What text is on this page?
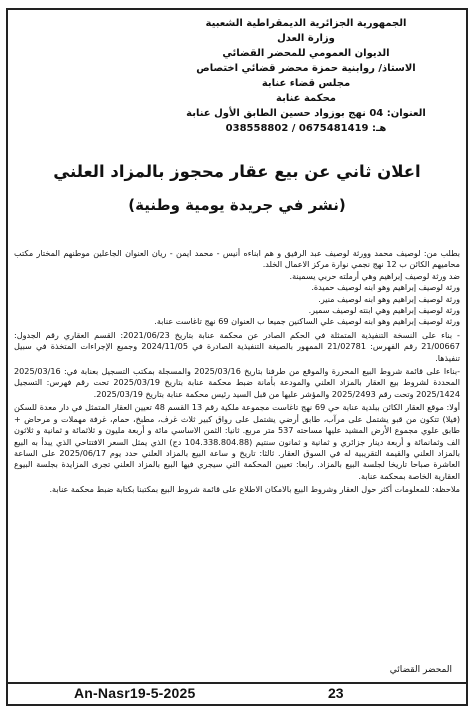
الجمهورية الجزائرية الديمقراطية الشعبية
وزارة العدل
الديوان العمومي للمحضر القضائي
الاستاذ/ روابنية حمزة محضر قضائي اختصاص
مجلس قضاء عنابة
محكمة عنابة
العنوان: 04 نهج بوزواد حسين الطابق الأول عنابة
هـ: 0675481419 / 038558802
اعلان ثاني عن بيع عقار محجوز بالمزاد العلني
(نشر في جريدة يومية وطنية)

بطلب من: لوصيف محمد وورثة لوصيف عبد الرفيق و هم ابناءه أنيس - محمد ايمن - ريان العنوان الجاعلين موطنهم المختار مكتب محاميهم الكائن ب 12 نهج نجمي نوارة مركز الاعمال الخلد.

ضد ورثة لوصيف إبراهيم وهي أرملته حربي يسمينة.

ورثة لوصيف إبراهيم وهو ابنه لوصيف حميدة.

ورثة لوصيف إبراهيم وهو ابنه لوصيف منير.

ورثة لوصيف إبراهيم وهي ابنته لوصيف سمير.

ورثة لوصيف إبراهيم وهو ابنه لوصيف علي الساكنين جميعا ب العنوان 69 نهج تاغاست عنابة.

- بناء على النسخة التنفيذية المتمثلة في الحكم الصادر عن محكمة عنابة بتاريخ 2021/06/23: القسم العقاري رقم الجدول: 21/00667 رقم الفهرس: 21/02781 الممهور بالصيغة التنفيذية الصادرة في 2024/11/05 وجميع الإجراءات المتخذة في سبيل تنفيذها.

-بناءا على قائمة شروط البيع المحررة والموقع من طرفنا بتاريخ 2025/03/16 والمسجلة بمكتب التسجيل بعنابة في: 2025/03/16 المحددة لشروط بيع العقار بالمزاد العلني والمودعة بأمانة ضبط محكمة عنابة بتاريخ 2025/03/19 تحت رقم فهرس: التسجيل 2025/1424 وتحت رقم 2025/2493 والمؤشر عليها من قبل السيد رئيس محكمة عنابة بتاريخ 2025/03/19.

أولا: موقع العقار الكائن ببلدية عنابة حي 69 نهج تاغاست مجموعة ملكية رقم 13 القسم 48 تعيين العقار المتمثل في دار معدة للسكن (فيلا) تتكون من قبو يشتمل على مرآب، طابق أرضي يشتمل على رواق كبير ثلاث غرف، مطبخ، حمام، غرفة مهملات و مرحاض + طابق علوي مجموع الأرض المشيد عليها مساحته 537 متر مربع. ثانيا: الثمن الاساسي مائة و أربعة مليون و ثلاثمائة و ثمانية و ثلاثون الف وثمانمائة و أربعة دينار جزائري و ثمانية و ثمانون سنتيم (104.338.804.88 دج) الذي يمثل السعر الافتتاحي الذي يبدأ به البيع بالمزاد العلني والقيمة التقريبية له في السوق العقار. ثالثا: تاريخ و ساعة البيع بالمزاد العلني حدد يوم 2025/06/17 على الساعة العاشرة صباحا تاريخا لجلسة البيع بالمزاد. رابعا: تعيين المحكمة التي سيجري فيها البيع بالمزاد العلني تجرى المزايدة بجلسة البيوع العقارية الخاصة بمحكمة عنابة.

ملاحظة: للمعلومات أكثر حول العقار وشروط البيع بالامكان الاطلاع على قائمة شروط البيع بمكتبنا بكتابة ضبط محكمة عنابة.

المحضر القضائي
An-Nasr19-5-2025	23
